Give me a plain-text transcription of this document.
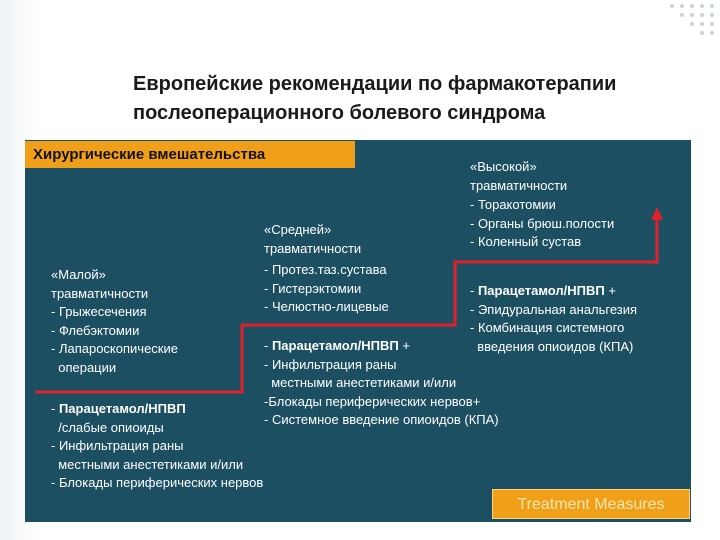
Европейские рекомендации по фармакотерапии
послеоперационного болевого синдрома
Хирургические вмешательства
«Малой»
травматичности
- Грыжесечения
- Флебэктомии
- Лапароскопические
операции
- Парацетамол/НПВП
/слабые опиоиды
- Инфильтрация раны
местными анестетиками и/или
- Блокады периферических нервов
«Средней»
травматичности
- Протез.таз.сустава
- Гистерэктомии
- Челюстно-лицевые
- Парацетамол/НПВП +
- Инфильтрация раны
местными анестетиками и/или
-Блокады периферических нервов+
- Системное введение опиоидов (КПА)
«Высокой»
травматичности
- Торакотомии
- Органы брюш.полости
- Коленный сустав
- Парацетамол/НПВП +
- Эпидуральная анальгезия
- Комбинация системного
введения опиоидов (КПА)
Treatment Measures
